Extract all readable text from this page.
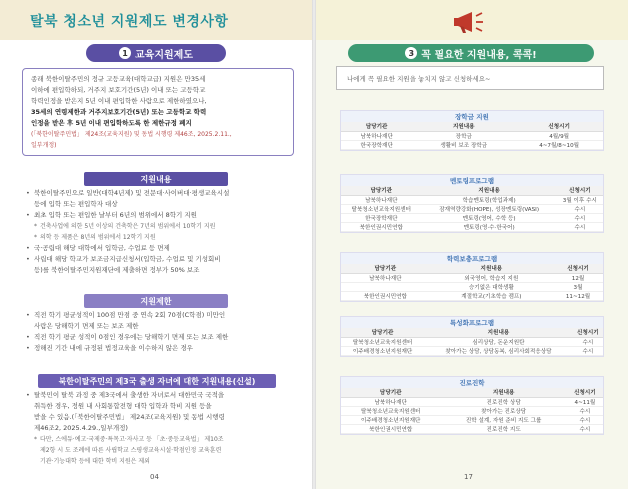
탈북 청소년 지원제도 변경사항
1 교육지원제도
종래 북한이탈주민의 정규 고등교육(대학교급) 지원은 만35세
이하에 편입학하되, 거주지 보호기간(5년) 이내 또는 고등학교
학력인정을 받은지 5년 이내 편입학한 사람으로 제한하였으나,
35세의 연령제한과 거주지보호기간(5년) 또는 고등학교 학력
인정을 받은 후 5년 이내 편입학하도록 한 제한규정 폐지
(「북한이탈주민법」 제24조(교육지원) 및 동법 시행령 제46조, 2025.2.11.,
일부개정)
지원내용
• 북한이탈주민으로 일반(대학4년제) 및 전문대·사이버대·평생교육시설
등에 입학 또는 편입학자 대상
• 최초 입학 또는 편입한 날부터 6년의 범위에서 8학기 지원
* 건축사업에 의한 5년 이상의 건축학은 7년의 범위에서 10학기 지원
* 의학 등 제품은 8년의 범위에서 12학기 지원
• 국·공립대 해당 대학에서 입학금, 수업료 등 면제
• 사립대 해당 학교가 보조금지급신청서(입학금, 수업료 및 기성회비
등)를 북한이탈주민지원재단에 제출하면 정부가 50% 보조
지원제한
• 직전 학기 평균성적이 100점 만점 중 연속 2회 70점(C학점) 미만인
사람은 당해학기 면제 또는 보조 제한
• 직전 학기 평균 성적이 0점인 경우에는 당해학기 면제 또는 보조 제한
• 정해진 기간 내에 규정된 법정교육을 이수하지 않은 경우
북한이탈주민의 제3국 출생 자녀에 대한 지원내용(신설)
• 탈북민이 탈북 과정 중 제3국에서 출생한 자녀로서 대한민국 국적을
취득한 경우, 정원 내 사회통합전형 대학 입학과 학비 지원 등을
받을 수 있음.(「북한이탈주민법」 제24조(교육지원) 및 동법 시행령
제46조2, 2025.4.29.,일부개정)
* 다만, 스에듀·예고·국제중·특목고·자사고 등 「초·중등교육법」 제10조
제2항 시 도 조례에 따른 사립학교 스평생교육시설·학점인정 교육훈련
기관·기능대학 등에 대한 학비 지원은 제외
04
3 꼭 필요한 지원내용, 콕콕!
나에게 꼭 필요한 지원을 놓치지 않고 신청하세요~
장학금 지원
담당기관	지원내용	신청시기
남북하나재단	장학금	4월/9월
한국장학재단	생활비 보조 장학금	4~7월/8~10월
멘토링프로그램
담당기관	지원내용	신청시기
남북하나재단	학습멘토링(학업과제)	3월 이후 수시
탈북청소년교육지원센터	잠재역량강화(HOPE), 성장멘토링(VASI)	수시
한국장학재단	멘토링(영어, 수학 등)	수시
북한인권시민연합	멘토링(영·수·한국어)	수시
학력보충프로그램
담당기관	지원내용	신청시기
남북하나재단	외국영어, 학습지 지원	12월
	승기없은 대학생활	3월
북한인권시민연합	계절학교(기초학습 캠프)	11~12월
특성화프로그램
담당기관	지원내용	신청시기
탈북청소년교육지원센터	심리상담, 돈운지원탄	수시
이주배경청소년지원재단	찾아가는 상담, 상담동복, 심리사회적응상담	수시
진로진학
담당기관	지원내용	신청시기
남북하나재단	진로진학 상담	4~11월
탈북청소년교육지원센터	찾아가는 진로상담	수시
이주배경청소년지원재단	진학 설계, 자원 준비 지도 그룹	수시
북한인권시민연합	진로진학 지도	수시
17
